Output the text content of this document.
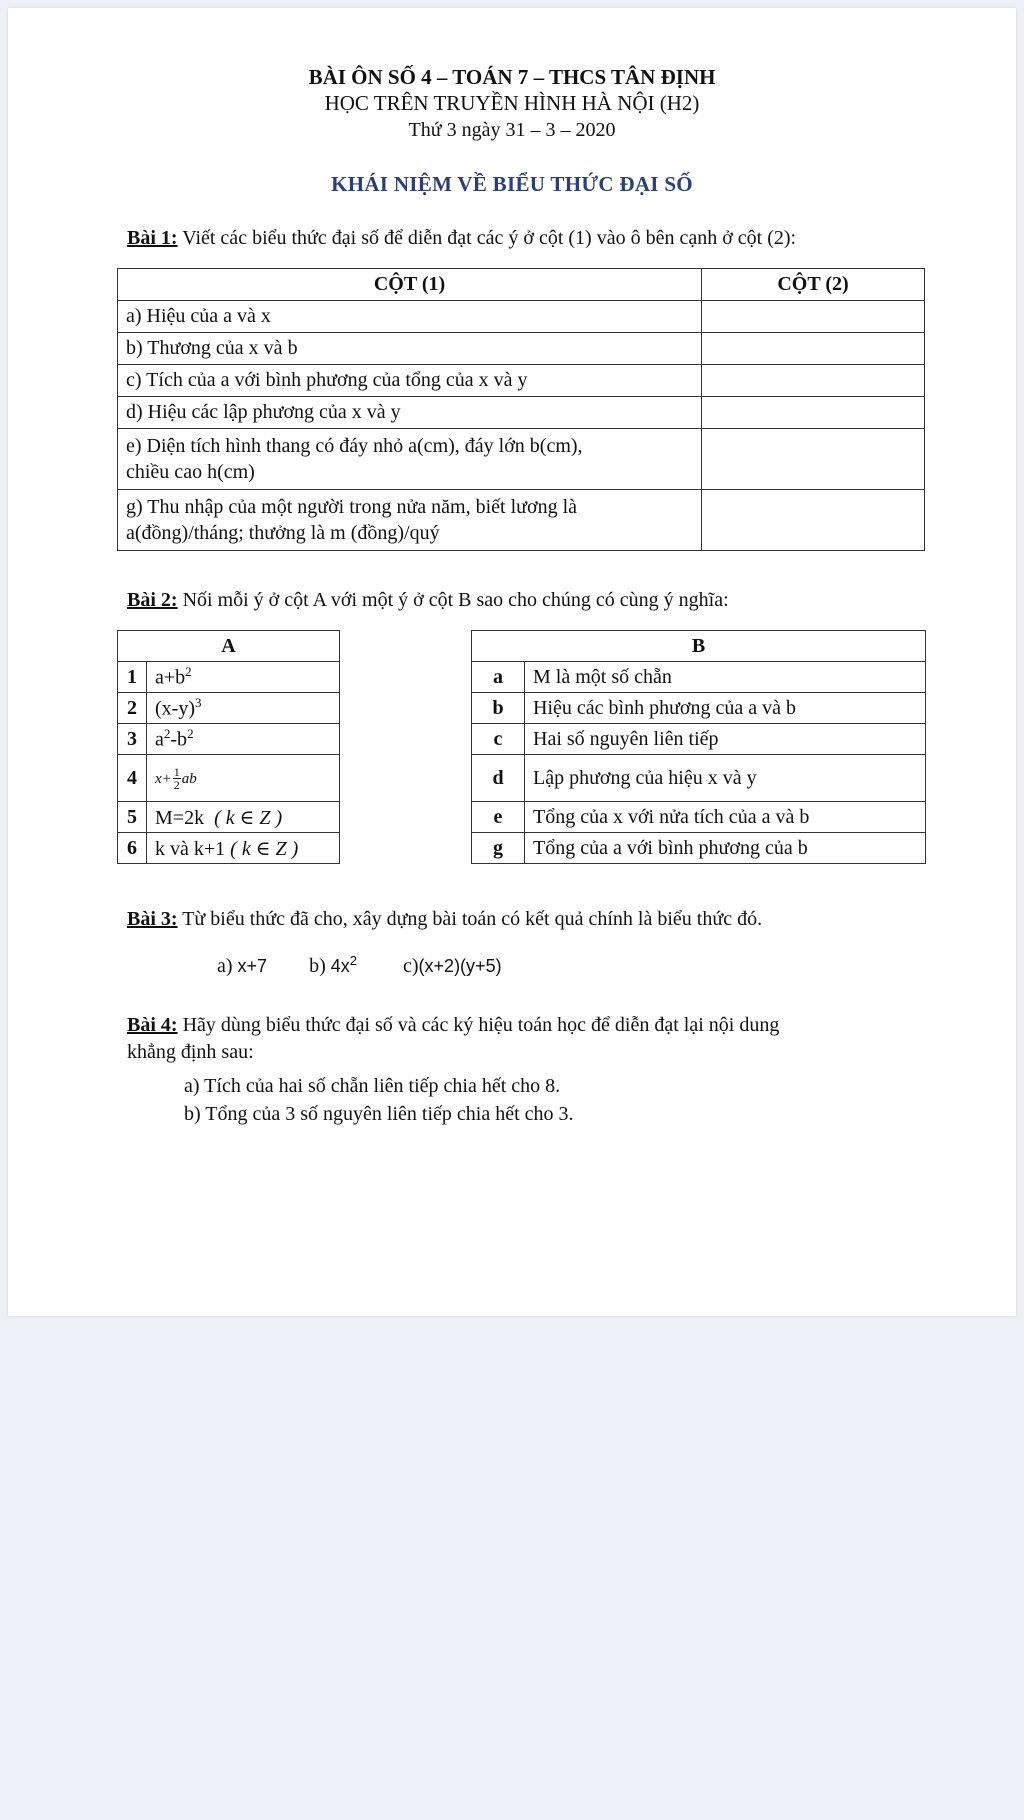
BÀI ÔN SỐ 4 – TOÁN 7 – THCS TÂN ĐỊNH
HỌC TRÊN TRUYỀN HÌNH HÀ NỘI (H2)
Thứ 3 ngày 31 – 3 – 2020
KHÁI NIỆM VỀ BIỂU THỨC ĐẠI SỐ
Bài 1: Viết các biểu thức đại số để diễn đạt các ý ở cột (1) vào ô bên cạnh ở cột (2):
CỘT (1)	CỘT (2)
a) Hiệu của a và x	
b) Thương của x và b	
c) Tích của a với bình phương của tổng của x và y	
d) Hiệu các lập phương của x và y	
e) Diện tích hình thang có đáy nhỏ a(cm), đáy lớn b(cm),
chiều cao h(cm)	
g) Thu nhập của một người trong nửa năm, biết lương là
a(đồng)/tháng; thưởng là m (đồng)/quý	
Bài 2: Nối mỗi ý ở cột A với một ý ở cột B sao cho chúng có cùng ý nghĩa:
A	
1	$a+b^2$
2	$(x-y)^3$
3	$a^2-b^2$
4	$x+ \frac{1}{2}$ ab
5	M=2k ( k ∈ Z )
6	k và k+1 ( k ∈ Z )
B	
a	M là một số chẵn
b	Hiệu các bình phương của a và b
c	Hai số nguyên liên tiếp
d	Lập phương của hiệu x và y
e	Tổng của x với nửa tích của a và b
g	Tổng của a với bình phương của b
Bài 3: Từ biểu thức đã cho, xây dựng bài toán có kết quả chính là biểu thức đó.
a) x+7 b) $4x^2$ c)(x+2)(y+5)
Bài 4: Hãy dùng biểu thức đại số và các ký hiệu toán học để diễn đạt lại nội dung
khẳng định sau:
a) Tích của hai số chẵn liên tiếp chia hết cho 8.
b) Tổng của 3 số nguyên liên tiếp chia hết cho 3.
